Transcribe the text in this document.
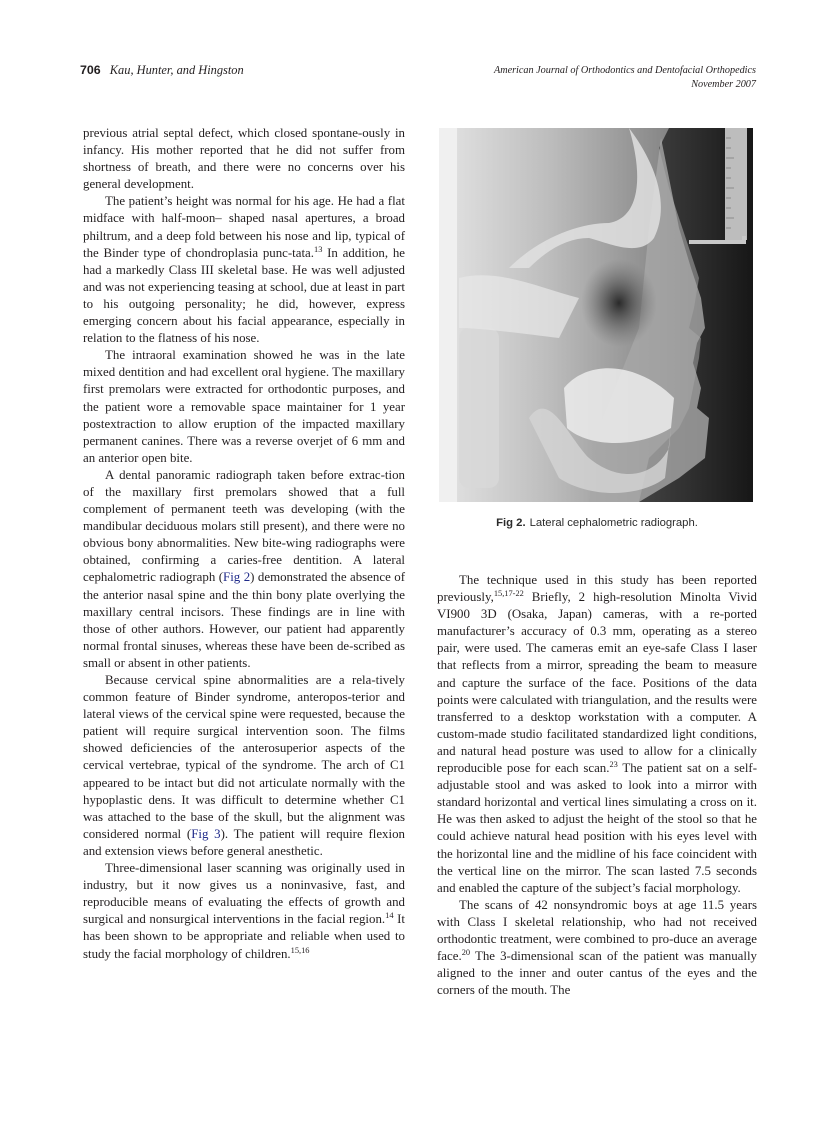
706 Kau, Hunter, and Hingston	American Journal of Orthodontics and Dentofacial Orthopedics
November 2007

previous atrial septal defect, which closed spontane-ously in infancy. His mother reported that he did not suffer from shortness of breath, and there were no concerns over his general development.

The patient’s height was normal for his age. He had a flat midface with half-moon– shaped nasal apertures, a broad philtrum, and a deep fold between his nose and lip, typical of the Binder type of chondroplasia punc-tata.$^{13}$ In addition, he had a markedly Class III skeletal base. He was well adjusted and was not experiencing teasing at school, due at least in part to his outgoing personality; he did, however, express emerging concern about his facial appearance, especially in relation to the flatness of his nose.

The intraoral examination showed he was in the late mixed dentition and had excellent oral hygiene. The maxillary first premolars were extracted for orthodontic purposes, and the patient wore a removable space maintainer for 1 year postextraction to allow eruption of the impacted maxillary permanent canines. There was a reverse overjet of 6 mm and an anterior open bite.

A dental panoramic radiograph taken before extrac-tion of the maxillary first premolars showed that a full complement of permanent teeth was developing (with the mandibular deciduous molars still present), and there were no obvious bony abnormalities. New bite-wing radiographs were obtained, confirming a caries-free dentition. A lateral cephalometric radiograph (Fig 2) demonstrated the absence of the anterior nasal spine and the thin bony plate overlying the maxillary central incisors. These findings are in line with those of other authors. However, our patient had apparently normal frontal sinuses, whereas these have been de-scribed as small or absent in other patients.

Because cervical spine abnormalities are a rela-tively common feature of Binder syndrome, anteropos-terior and lateral views of the cervical spine were requested, because the patient will require surgical intervention soon. The films showed deficiencies of the anterosuperior aspects of the cervical vertebrae, typical of the syndrome. The arch of C1 appeared to be intact but did not articulate normally with the hypoplastic dens. It was difficult to determine whether C1 was attached to the base of the skull, but the alignment was considered normal (Fig 3). The patient will require flexion and extension views before general anesthetic.

Three-dimensional laser scanning was originally used in industry, but it now gives us a noninvasive, fast, and reproducible means of evaluating the effects of growth and surgical and nonsurgical interventions in the facial region.$^{14}$ It has been shown to be appropriate and reliable when used to study the facial morphology of children.$^{15,16}$

Fig 2. Lateral cephalometric radiograph.

The technique used in this study has been reported previously,$^{15,17-22}$ Briefly, 2 high-resolution Minolta Vivid VI900 3D (Osaka, Japan) cameras, with a re-ported manufacturer’s accuracy of 0.3 mm, operating as a stereo pair, were used. The cameras emit an eye-safe Class I laser that reflects from a mirror, spreading the beam to measure and capture the surface of the face. Positions of the data points were calculated with triangulation, and the results were transferred to a desktop workstation with a computer. A custom-made studio facilitated standardized light conditions, and natural head posture was used to allow for a clinically reproducible pose for each scan.$^{23}$ The patient sat on a self-adjustable stool and was asked to look into a mirror with standard horizontal and vertical lines simulating a cross on it. He was then asked to adjust the height of the stool so that he could achieve natural head position with his eyes level with the horizontal line and the midline of his face coincident with the vertical line on the mirror. The scan lasted 7.5 seconds and enabled the capture of the subject’s facial morphology.

The scans of 42 nonsyndromic boys at age 11.5 years with Class I skeletal relationship, who had not received orthodontic treatment, were combined to pro-duce an average face.$^{20}$ The 3-dimensional scan of the patient was manually aligned to the inner and outer cantus of the eyes and the corners of the mouth. The
